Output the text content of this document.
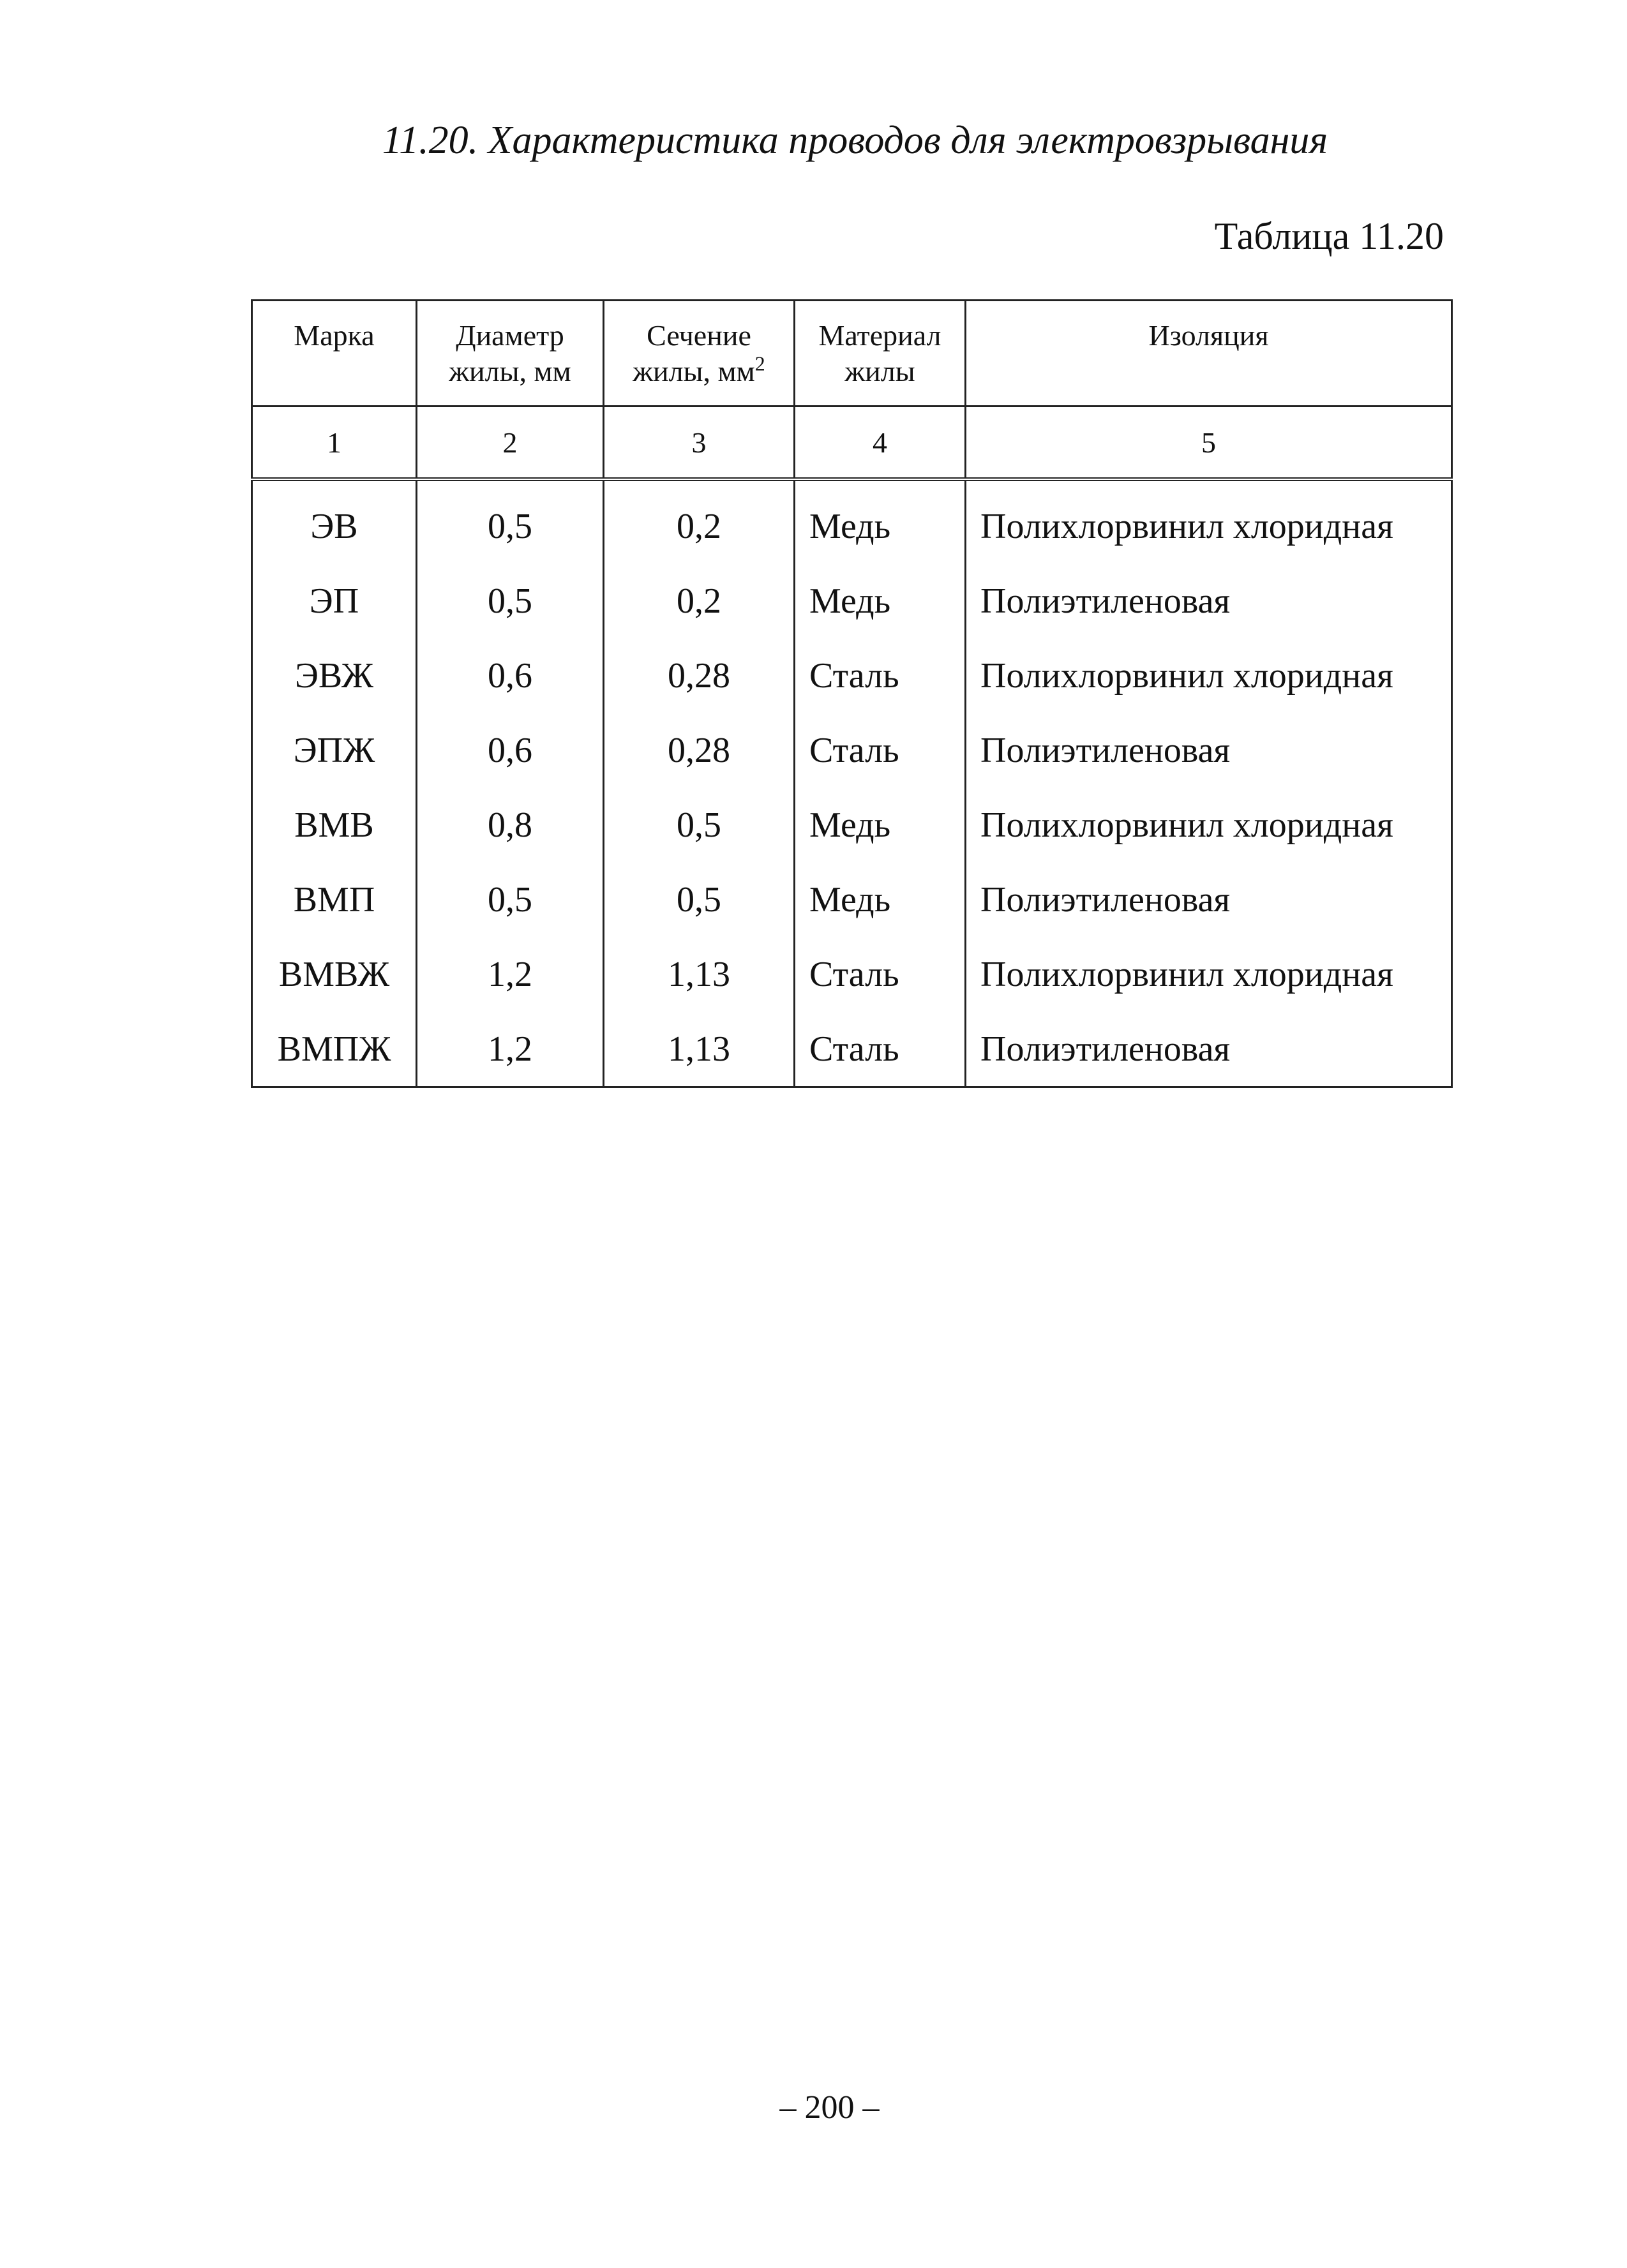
11.20. Характеристика проводов для электровзрывания
Таблица 11.20
Марка	Диаметр жилы, мм	Сечение жилы, $мм^2$	Материал жилы	Изоляция
1	2	3	4	5
ЭВ	0,5	0,2	Медь	Полихлорвинил хлоридная
ЭП	0,5	0,2	Медь	Полиэтиленовая
ЭВЖ	0,6	0,28	Сталь	Полихлорвинил хлоридная
ЭПЖ	0,6	0,28	Сталь	Полиэтиленовая
ВМВ	0,8	0,5	Медь	Полихлорвинил хлоридная
ВМП	0,5	0,5	Медь	Полиэтиленовая
ВМВЖ	1,2	1,13	Сталь	Полихлорвинил хлоридная
ВМПЖ	1,2	1,13	Сталь	Полиэтиленовая
– 200 –
